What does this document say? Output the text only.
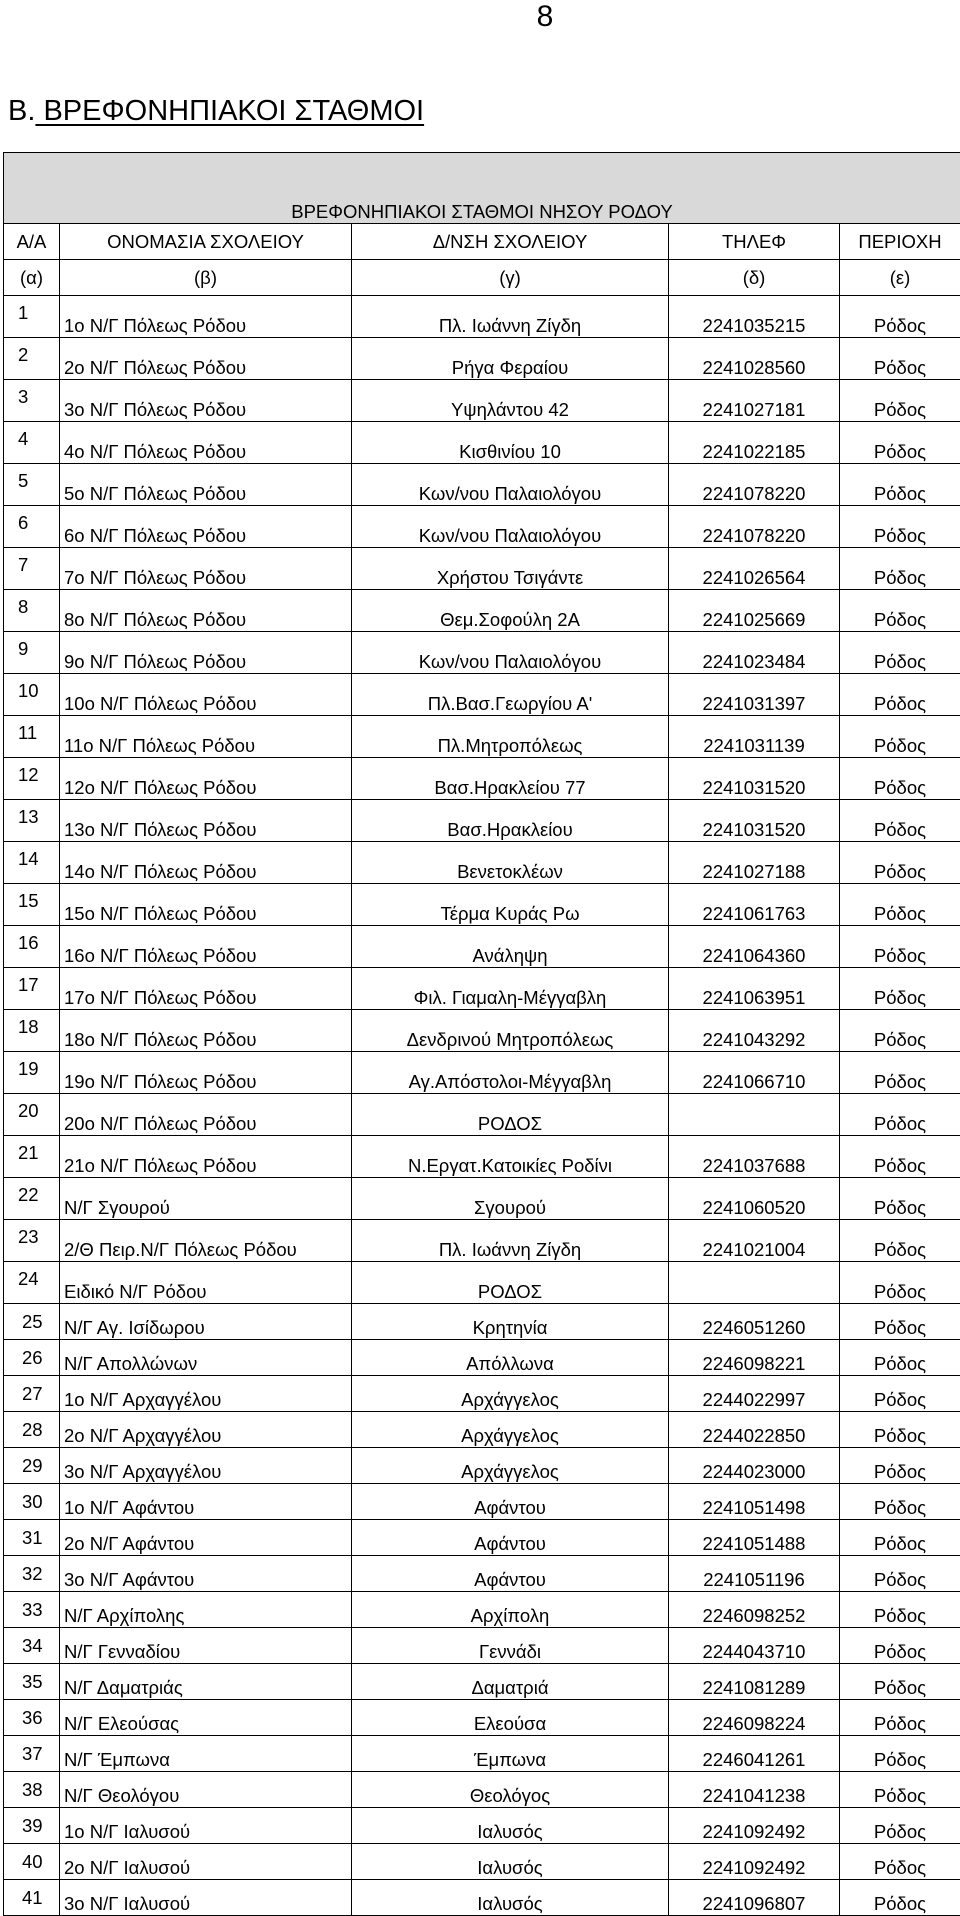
8
Β. ΒΡΕΦΟΝΗΠΙΑΚΟΙ ΣΤΑΘΜΟΙ
ΒΡΕΦΟΝΗΠΙΑΚΟΙ ΣΤΑΘΜΟΙ ΝΗΣΟΥ ΡΟΔΟΥ				
Α/Α	ΟΝΟΜΑΣΙΑ ΣΧΟΛΕΙΟΥ	Δ/ΝΣΗ ΣΧΟΛΕΙΟΥ	ΤΗΛΕΦ	ΠΕΡΙΟΧΗ
(α)	(β)	(γ)	(δ)	(ε)
1	1ο Ν/Γ Πόλεως Ρόδου	Πλ. Ιωάννη Ζίγδη	2241035215	Ρόδος
2	2ο Ν/Γ Πόλεως Ρόδου	Ρήγα Φεραίου	2241028560	Ρόδος
3	3ο Ν/Γ Πόλεως Ρόδου	Υψηλάντου 42	2241027181	Ρόδος
4	4ο Ν/Γ Πόλεως Ρόδου	Κισθινίου 10	2241022185	Ρόδος
5	5ο Ν/Γ Πόλεως Ρόδου	Κων/νου Παλαιολόγου	2241078220	Ρόδος
6	6ο Ν/Γ Πόλεως Ρόδου	Κων/νου Παλαιολόγου	2241078220	Ρόδος
7	7ο Ν/Γ Πόλεως Ρόδου	Χρήστου Τσιγάντε	2241026564	Ρόδος
8	8ο Ν/Γ Πόλεως Ρόδου	Θεμ.Σοφούλη 2Α	2241025669	Ρόδος
9	9ο Ν/Γ Πόλεως Ρόδου	Κων/νου Παλαιολόγου	2241023484	Ρόδος
10	10ο Ν/Γ Πόλεως Ρόδου	Πλ.Βασ.Γεωργίου Α'	2241031397	Ρόδος
11	11ο Ν/Γ Πόλεως Ρόδου	Πλ.Μητροπόλεως	2241031139	Ρόδος
12	12ο Ν/Γ Πόλεως Ρόδου	Βασ.Ηρακλείου 77	2241031520	Ρόδος
13	13ο Ν/Γ Πόλεως Ρόδου	Βασ.Ηρακλείου	2241031520	Ρόδος
14	14ο Ν/Γ Πόλεως Ρόδου	Βενετοκλέων	2241027188	Ρόδος
15	15ο Ν/Γ Πόλεως Ρόδου	Τέρμα Κυράς Ρω	2241061763	Ρόδος
16	16ο Ν/Γ Πόλεως Ρόδου	Ανάληψη	2241064360	Ρόδος
17	17ο Ν/Γ Πόλεως Ρόδου	Φιλ. Γιαμαλη-Μέγγαβλη	2241063951	Ρόδος
18	18ο Ν/Γ Πόλεως Ρόδου	Δενδρινού Μητροπόλεως	2241043292	Ρόδος
19	19ο Ν/Γ Πόλεως Ρόδου	Αγ.Απόστολοι-Μέγγαβλη	2241066710	Ρόδος
20	20ο Ν/Γ Πόλεως Ρόδου	ΡΟΔΟΣ		Ρόδος
21	21ο Ν/Γ Πόλεως Ρόδου	Ν.Εργατ.Κατοικίες Ροδίνι	2241037688	Ρόδος
22	Ν/Γ Σγουρού	Σγουρού	2241060520	Ρόδος
23	2/Θ Πειρ.Ν/Γ Πόλεως Ρόδου	Πλ. Ιωάννη Ζίγδη	2241021004	Ρόδος
24	Ειδικό Ν/Γ Ρόδου	ΡΟΔΟΣ		Ρόδος
25	Ν/Γ Αγ. Ισίδωρου	Κρητηνία	2246051260	Ρόδος
26	Ν/Γ Απολλώνων	Απόλλωνα	2246098221	Ρόδος
27	1ο Ν/Γ Αρχαγγέλου	Αρχάγγελος	2244022997	Ρόδος
28	2ο Ν/Γ Αρχαγγέλου	Αρχάγγελος	2244022850	Ρόδος
29	3ο Ν/Γ Αρχαγγέλου	Αρχάγγελος	2244023000	Ρόδος
30	1ο Ν/Γ Αφάντου	Αφάντου	2241051498	Ρόδος
31	2ο Ν/Γ Αφάντου	Αφάντου	2241051488	Ρόδος
32	3ο Ν/Γ Αφάντου	Αφάντου	2241051196	Ρόδος
33	Ν/Γ Αρχίπολης	Αρχίπολη	2246098252	Ρόδος
34	Ν/Γ Γενναδίου	Γεννάδι	2244043710	Ρόδος
35	Ν/Γ Δαματριάς	Δαματριά	2241081289	Ρόδος
36	Ν/Γ Ελεούσας	Ελεούσα	2246098224	Ρόδος
37	Ν/Γ Έμπωνα	Έμπωνα	2246041261	Ρόδος
38	Ν/Γ Θεολόγου	Θεολόγος	2241041238	Ρόδος
39	1ο Ν/Γ Ιαλυσού	Ιαλυσός	2241092492	Ρόδος
40	2ο Ν/Γ Ιαλυσού	Ιαλυσός	2241092492	Ρόδος
41	3ο Ν/Γ Ιαλυσού	Ιαλυσός	2241096807	Ρόδος
